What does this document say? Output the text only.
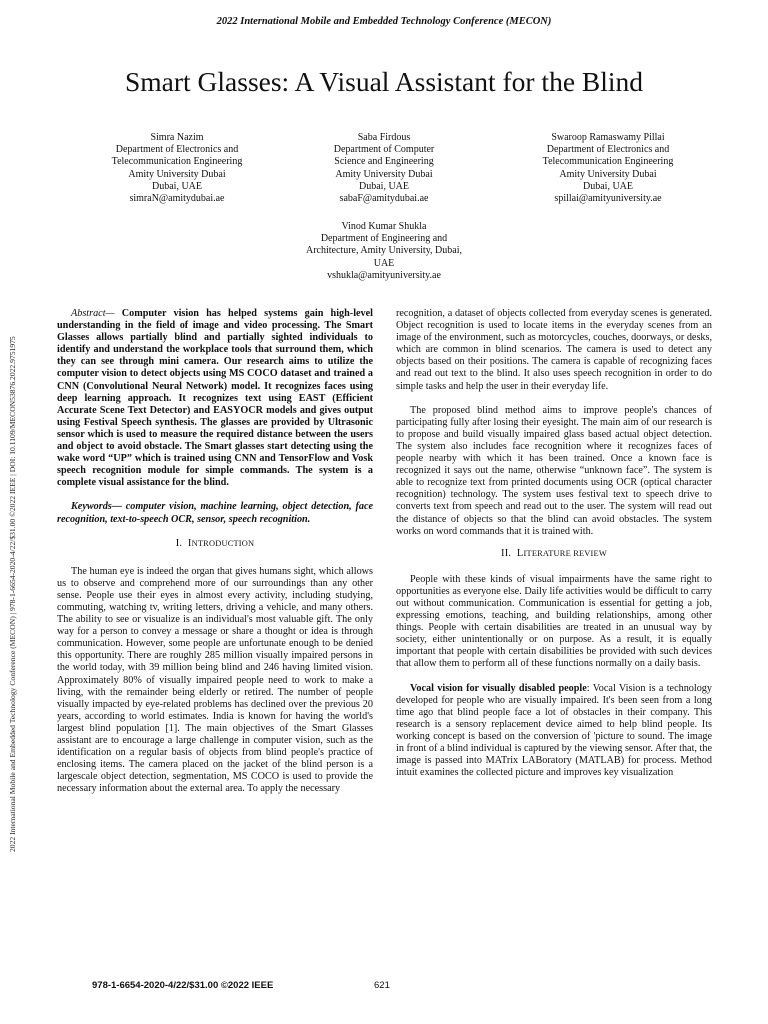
2022 International Mobile and Embedded Technology Conference (MECON)
2022 International Mobile and Embedded Technology Conference (MECON) | 978-1-6654-2020-4/22/$31.00 ©2022 IEEE | DOI: 10.1109/MECON53876.2022.9751975
Smart Glasses: A Visual Assistant for the Blind
Simra Nazim
Department of Electronics and
Telecommunication Engineering
Amity University Dubai
Dubai, UAE
simraN@amitydubai.ae
Saba Firdous
Department of Computer
Science and Engineering
Amity University Dubai
Dubai, UAE
sabaF@amitydubai.ae
Swaroop Ramaswamy Pillai
Department of Electronics and
Telecommunication Engineering
Amity University Dubai
Dubai, UAE
spillai@amityuniversity.ae
Vinod Kumar Shukla
Department of Engineering and
Architecture, Amity University, Dubai,
UAE
vshukla@amityuniversity.ae

Abstract— Computer vision has helped systems gain high-level understanding in the field of image and video processing. The Smart Glasses allows partially blind and partially sighted individuals to identify and understand the workplace tools that surround them, which they can see through mini camera. Our research aims to utilize the computer vision to detect objects using MS COCO dataset and trained a CNN (Convolutional Neural Network) model. It recognizes faces using deep learning approach. It recognizes text using EAST (Efficient Accurate Scene Text Detector) and EASYOCR models and gives output using Festival Speech synthesis. The glasses are provided by Ultrasonic sensor which is used to measure the required distance between the users and object to avoid obstacle. The Smart glasses start detecting using the wake word “UP” which is trained using CNN and TensorFlow and Vosk speech recognition module for simple commands. The system is a complete visual assistance for the blind.

Keywords— computer vision, machine learning, object detection, face recognition, text-to-speech OCR, sensor, speech recognition.

I. INTRODUCTION

The human eye is indeed the organ that gives humans sight, which allows us to observe and comprehend more of our surroundings than any other sense. People use their eyes in almost every activity, including studying, commuting, watching tv, writing letters, driving a vehicle, and many others. The ability to see or visualize is an individual's most valuable gift. The only way for a person to convey a message or share a thought or idea is through communication. However, some people are unfortunate enough to be denied this opportunity. There are roughly 285 million visually impaired persons in the world today, with 39 million being blind and 246 having limited vision. Approximately 80% of visually impaired people need to work to make a living, with the remainder being elderly or retired. The number of people visually impacted by eye-related problems has declined over the previous 20 years, according to world estimates. India is known for having the world's largest blind population [1]. The main objectives of the Smart Glasses assistant are to encourage a large challenge in computer vision, such as the identification on a regular basis of objects from blind people's practice of enclosing items. The camera placed on the jacket of the blind person is a largescale object detection, segmentation, MS COCO is used to provide the necessary information about the external area. To apply the necessary

recognition, a dataset of objects collected from everyday scenes is generated. Object recognition is used to locate items in the everyday scenes from an image of the environment, such as motorcycles, couches, doorways, or desks, which are common in blind scenarios. The camera is used to detect any objects based on their positions. The camera is capable of recognizing faces and read out text to the blind. It also uses speech recognition in order to do simple tasks and help the user in their everyday life.

The proposed blind method aims to improve people's chances of participating fully after losing their eyesight. The main aim of our research is to propose and build visually impaired glass based actual object detection. The system also includes face recognition where it recognizes faces of people nearby with which it has been trained. Once a known face is recognized it says out the name, otherwise “unknown face”. The system is able to recognize text from printed documents using OCR (optical character recognition) technology. The system uses festival text to speech drive to converts text from speech and read out to the user. The system will read out the distance of objects so that the blind can avoid obstacles. The system works on word commands that it is trained with.

II. LITERATURE REVIEW

People with these kinds of visual impairments have the same right to opportunities as everyone else. Daily life activities would be difficult to carry out without communication. Communication is essential for getting a job, expressing emotions, teaching, and building relationships, among other things. People with certain disabilities are treated in an unusual way by society, either unintentionally or on purpose. As a result, it is equally important that people with certain disabilities be provided with such devices that allow them to perform all of these functions normally on a daily basis.

Vocal vision for visually disabled people: Vocal Vision is a technology developed for people who are visually impaired. It's been seen from a long time ago that blind people face a lot of obstacles in their company. This research is a sensory replacement device aimed to help blind people. Its working concept is based on the conversion of 'picture to sound. The image in front of a blind individual is captured by the viewing sensor. After that, the image is passed into MATrix LABoratory (MATLAB) for process. Method intuit examines the collected picture and improves key visualization

978-1-6654-2020-4/22/$31.00 ©2022 IEEE	621
